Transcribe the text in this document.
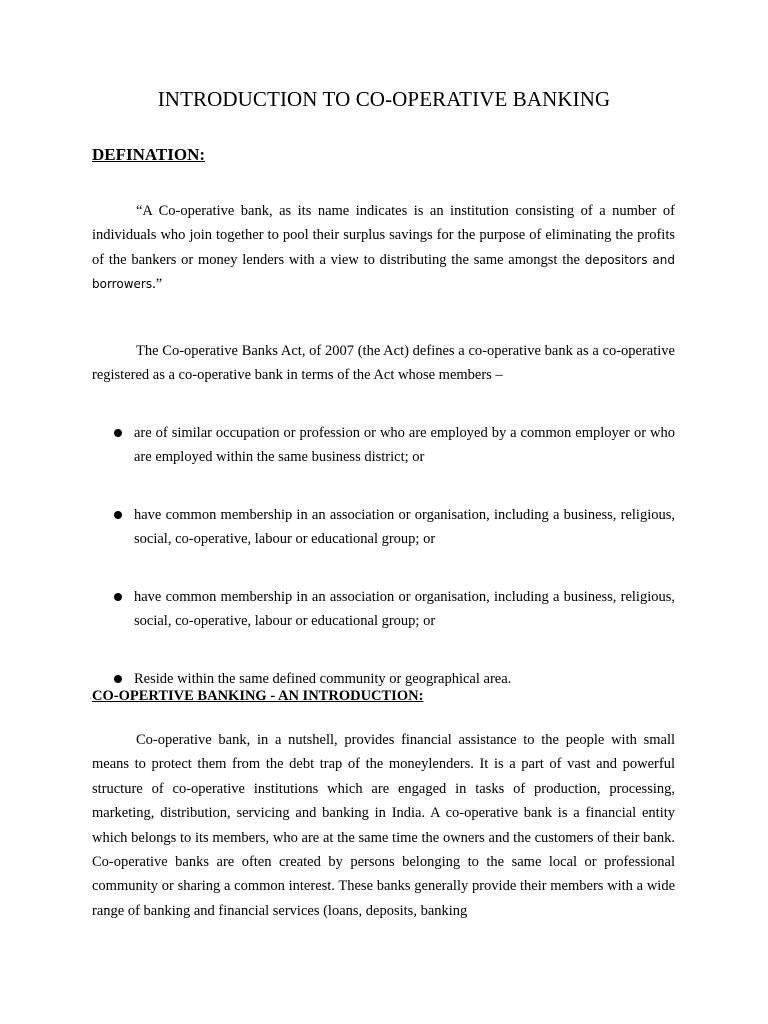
INTRODUCTION TO CO-OPERATIVE BANKING
DEFINATION:

“A Co-operative bank, as its name indicates is an institution consisting of a number of individuals who join together to pool their surplus savings for the purpose of eliminating the profits of the bankers or money lenders with a view to distributing the same amongst the depositors and borrowers.”

The Co-operative Banks Act, of 2007 (the Act) defines a co-operative bank as a co-operative registered as a co-operative bank in terms of the Act whose members –

are of similar occupation or profession or who are employed by a common employer or who are employed within the same business district; or
have common membership in an association or organisation, including a business, religious, social, co-operative, labour or educational group; or
have common membership in an association or organisation, including a business, religious, social, co-operative, labour or educational group; or
Reside within the same defined community or geographical area.
CO-OPERTIVE BANKING - AN INTRODUCTION:

Co-operative bank, in a nutshell, provides financial assistance to the people with small means to protect them from the debt trap of the moneylenders. It is a part of vast and powerful structure of co-operative institutions which are engaged in tasks of production, processing, marketing, distribution, servicing and banking in India. A co-operative bank is a financial entity which belongs to its members, who are at the same time the owners and the customers of their bank. Co-operative banks are often created by persons belonging to the same local or professional community or sharing a common interest. These banks generally provide their members with a wide range of banking and financial services (loans, deposits, banking
